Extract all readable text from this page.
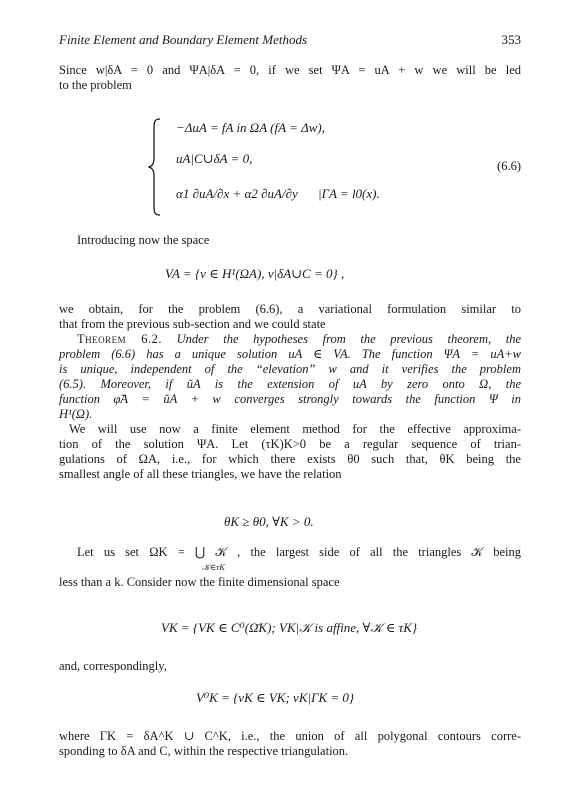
Finite Element and Boundary Element Methods	353
Since w|δA = 0 and ΨA|δA = 0, if we set ΨA = uA + w we will be led
to the problem
−ΔuA = fA in ΩA (fA = Δw),
uA|C∪δA = 0,	(6.6)
α1 ∂uA/∂x + α2 ∂uA/∂y |ΓA = l0(x).
Introducing now the space
VA = {v ∈ H¹(ΩA), v|δA∪C = 0} ,
we obtain, for the problem (6.6), a variational formulation similar to
that from the previous sub-section and we could state
Theorem 6.2. Under the hypotheses from the previous theorem, the
problem (6.6) has a unique solution uA ∈ VA. The function ΨA = uA+w
is unique, independent of the “elevation” w and it verifies the problem
(6.5). Moreover, if ũA is the extension of uA by zero onto Ω, the
function φ̃A = ũA + w converges strongly towards the function Ψ in
H¹(Ω).
We will use now a finite element method for the effective approxima-
tion of the solution ΨA. Let (τK)K>0 be a regular sequence of trian-
gulations of ΩA, i.e., for which there exists θ0 such that, θK being the
smallest angle of all these triangles, we have the relation
θK ≥ θ0, ∀K > 0.
Let us set ΩK = ⋃ 𝒦 , the largest side of all the triangles 𝒦 being
𝒦∈τK
less than a k. Consider now the finite dimensional space
VK = {VK ∈ C⁰(Ω̄K); VK|𝒦 is affine, ∀𝒦 ∈ τK}
and, correspondingly,
V⁰K = {vK ∈ VK; vK|ΓK = 0}
where ΓK = δA^K ∪ C^K, i.e., the union of all polygonal contours corre-
sponding to δA and C, within the respective triangulation.
